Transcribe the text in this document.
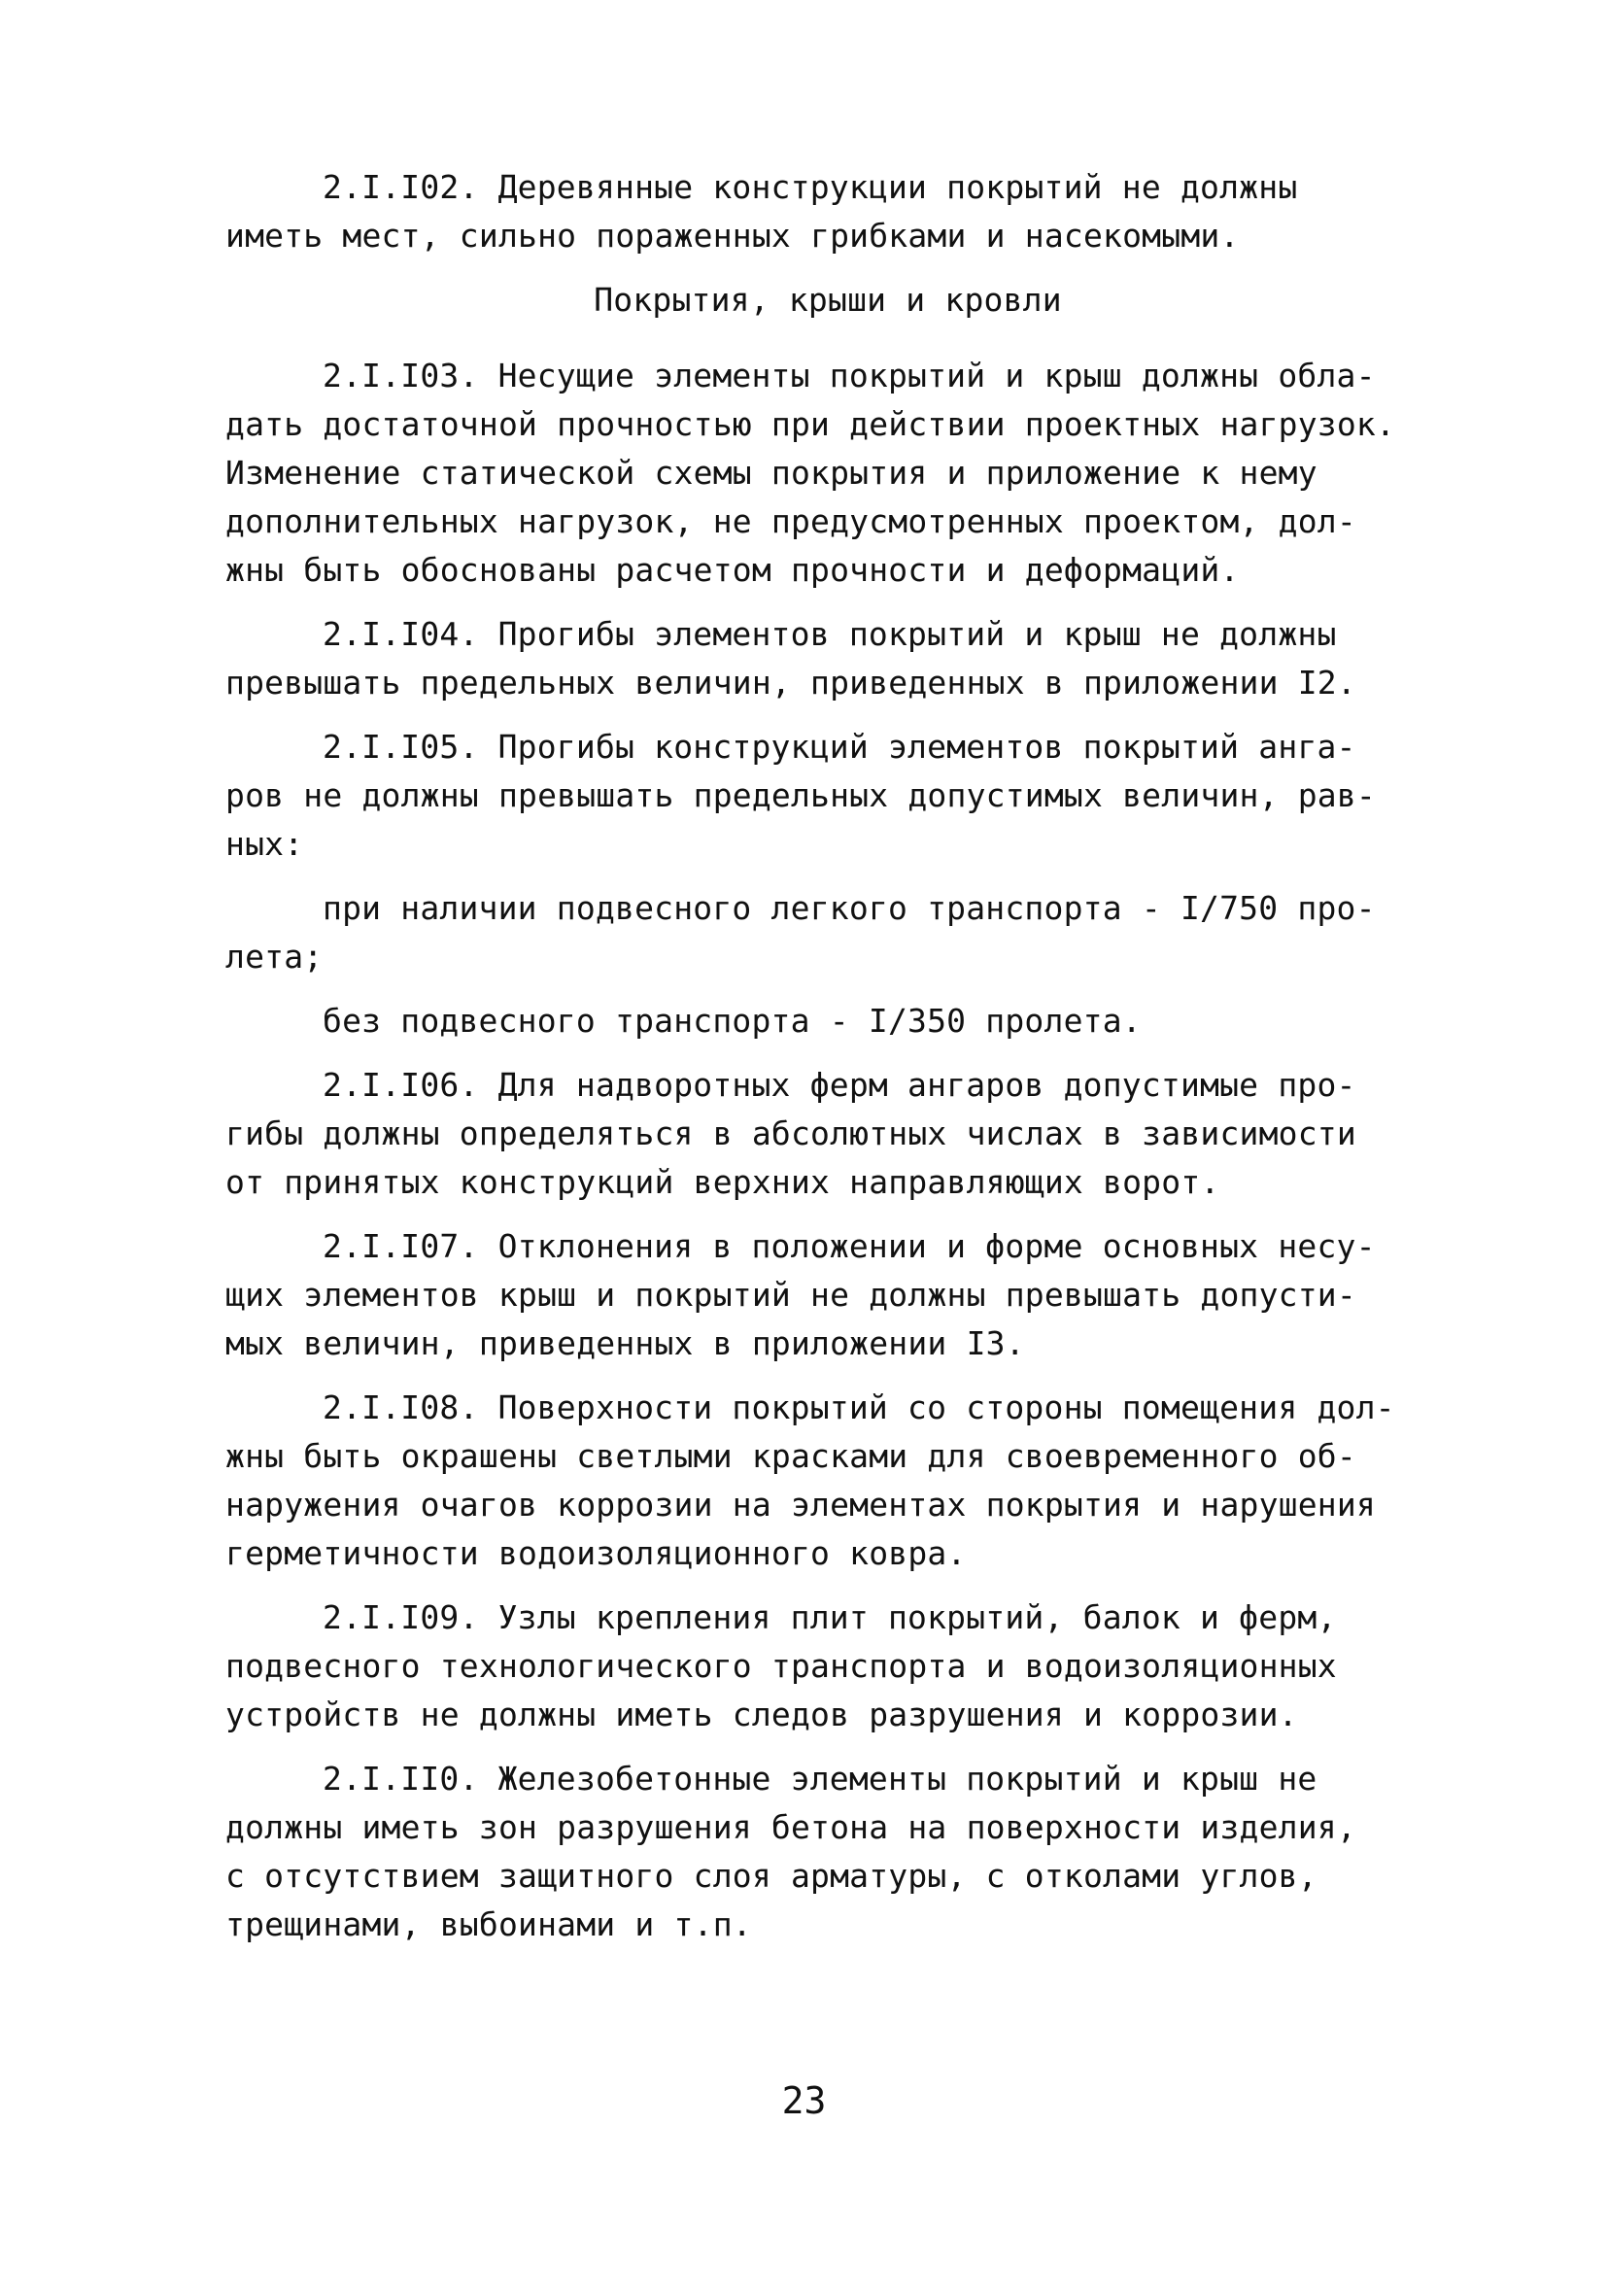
2.I.I02. Деревянные конструкции покрытий не должны
иметь мест, сильно пораженных грибками и насекомыми.
Покрытия, крыши и кровли
2.I.I03. Несущие элементы покрытий и крыш должны обла-
дать достаточной прочностью при действии проектных нагрузок.
Изменение статической схемы покрытия и приложение к нему
дополнительных нагрузок, не предусмотренных проектом, дол-
жны быть обоснованы расчетом прочности и деформаций.
2.I.I04. Прогибы элементов покрытий и крыш не должны
превышать предельных величин, приведенных в приложении I2.
2.I.I05. Прогибы конструкций элементов покрытий анга-
ров не должны превышать предельных допустимых величин, рав-
ных:
при наличии подвесного легкого транспорта - I/750 про-
лета;
без подвесного транспорта - I/350 пролета.
2.I.I06. Для надворотных ферм ангаров допустимые про-
гибы должны определяться в абсолютных числах в зависимости
от принятых конструкций верхних направляющих ворот.
2.I.I07. Отклонения в положении и форме основных несу-
щих элементов крыш и покрытий не должны превышать допусти-
мых величин, приведенных в приложении I3.
2.I.I08. Поверхности покрытий со стороны помещения дол-
жны быть окрашены светлыми красками для своевременного об-
наружения очагов коррозии на элементах покрытия и нарушения
герметичности водоизоляционного ковра.
2.I.I09. Узлы крепления плит покрытий, балок и ферм,
подвесного технологического транспорта и водоизоляционных
устройств не должны иметь следов разрушения и коррозии.
2.I.II0. Железобетонные элементы покрытий и крыш не
должны иметь зон разрушения бетона на поверхности изделия,
с отсутствием защитного слоя арматуры, с отколами углов,
трещинами, выбоинами и т.п.
23
